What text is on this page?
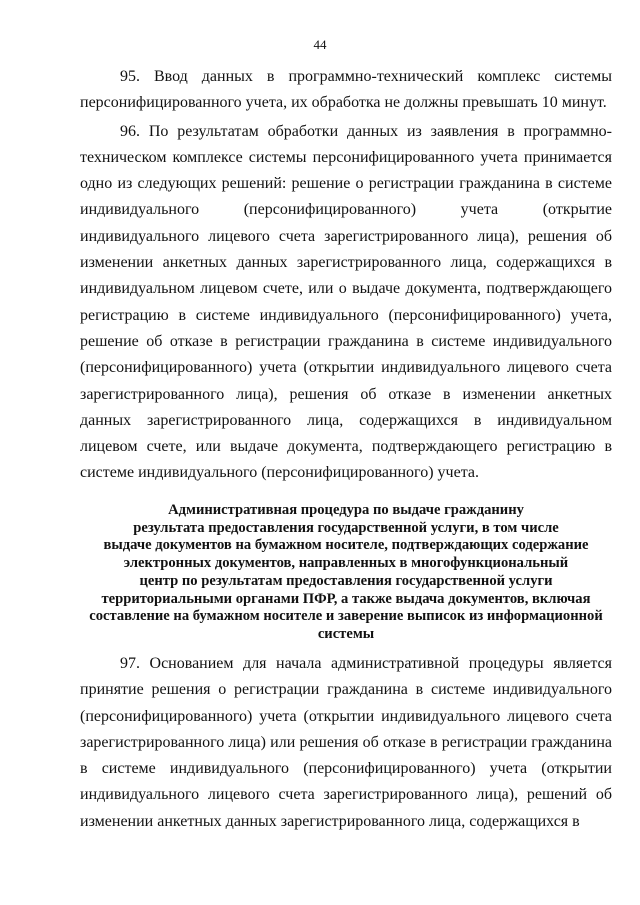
44

95. Ввод данных в программно-технический комплекс системы персонифицированного учета, их обработка не должны превышать 10 минут.

96. По результатам обработки данных из заявления в программно-техническом комплексе системы персонифицированного учета принимается одно из следующих решений: решение о регистрации гражданина в системе индивидуального (персонифицированного) учета (открытие индивидуального лицевого счета зарегистрированного лица), решения об изменении анкетных данных зарегистрированного лица, содержащихся в индивидуальном лицевом счете, или о выдаче документа, подтверждающего регистрацию в системе индивидуального (персонифицированного) учета, решение об отказе в регистрации гражданина в системе индивидуального (персонифицированного) учета (открытии индивидуального лицевого счета зарегистрированного лица), решения об отказе в изменении анкетных данных зарегистрированного лица, содержащихся в индивидуальном лицевом счете, или выдаче документа, подтверждающего регистрацию в системе индивидуального (персонифицированного) учета.

Административная процедура по выдаче гражданину
результата предоставления государственной услуги, в том числе
выдаче документов на бумажном носителе, подтверждающих содержание
электронных документов, направленных в многофункциональный
центр по результатам предоставления государственной услуги
территориальными органами ПФР, а также выдача документов, включая
составление на бумажном носителе и заверение выписок из информационной
системы

97. Основанием для начала административной процедуры является принятие решения о регистрации гражданина в системе индивидуального (персонифицированного) учета (открытии индивидуального лицевого счета зарегистрированного лица) или решения об отказе в регистрации гражданина в системе индивидуального (персонифицированного) учета (открытии индивидуального лицевого счета зарегистрированного лица), решений об изменении анкетных данных зарегистрированного лица, содержащихся в
